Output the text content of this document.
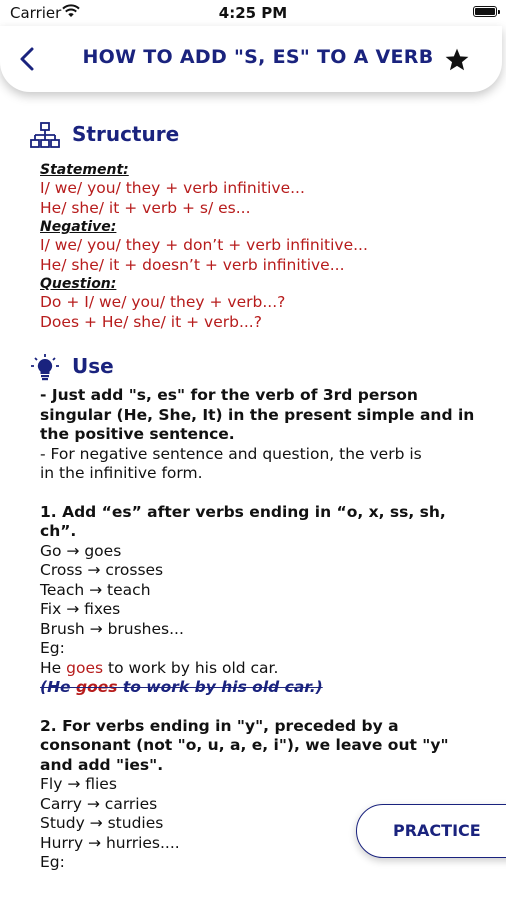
Carrier	4:25 PM
HOW TO ADD "S, ES" TO A VERB
Structure
Statement:
I/ we/ you/ they + verb infinitive...
He/ she/ it + verb + s/ es...
Negative:
I/ we/ you/ they + don’t + verb infinitive...
He/ she/ it + doesn’t + verb infinitive...
Question:
Do + I/ we/ you/ they + verb...?
Does + He/ she/ it + verb...?
Use
- Just add "s, es" for the verb of 3rd person
singular (He, She, It) in the present simple and in
the positive sentence.
- For negative sentence and question, the verb is
in the infinitive form.
1. Add “es” after verbs ending in “o, x, ss, sh,
ch”.
Go → goes
Cross → crosses
Teach → teach
Fix → fixes
Brush → brushes...
Eg:
He goes to work by his old car.
(He goes to work by his old car.)
2. For verbs ending in "y", preceded by a
consonant (not "o, u, a, e, i"), we leave out "y"
and add "ies".
Fly → flies
Carry → carries
Study → studies
Hurry → hurries....
Eg:
PRACTICE
